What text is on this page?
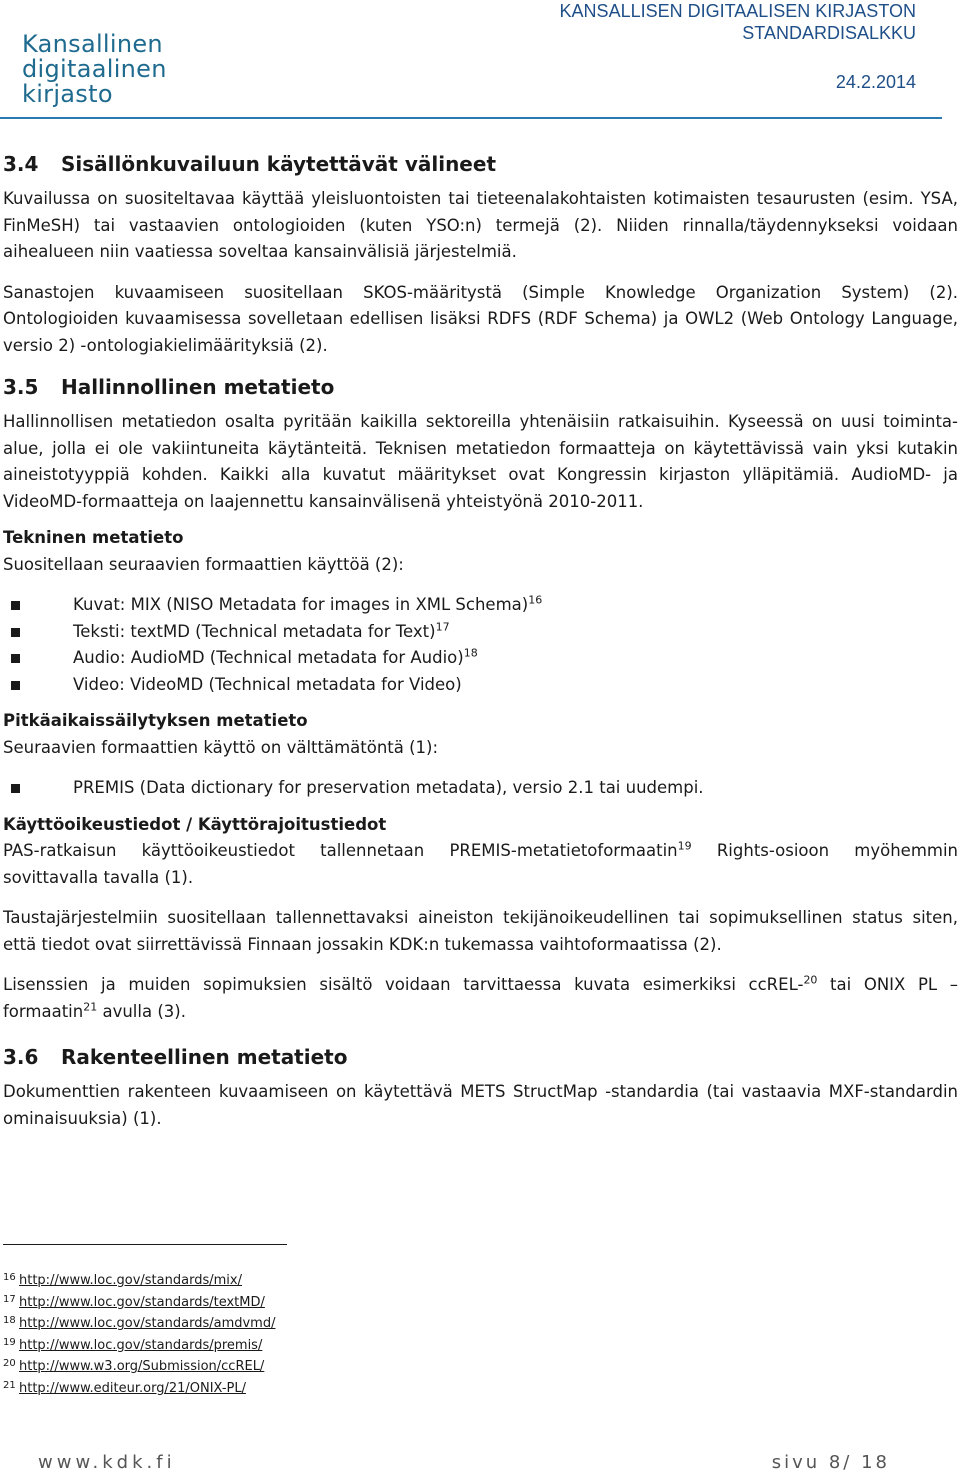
Kansallinen
digitaalinen
kirjasto
KANSALLISEN DIGITAALISEN KIRJASTON
STANDARDISALKKU
24.2.2014
3.4 Sisällönkuvailuun käytettävät välineet

Kuvailussa on suositeltavaa käyttää yleisluontoisten tai tieteenalakohtaisten kotimaisten tesaurusten (esim. YSA, FinMeSH) tai vastaavien ontologioiden (kuten YSO:n) termejä (2). Niiden rinnalla/täydennykseksi voidaan aihealueen niin vaatiessa soveltaa kansainvälisiä järjestelmiä.

Sanastojen kuvaamiseen suositellaan SKOS-määritystä (Simple Knowledge Organization System) (2). Ontologioiden kuvaamisessa sovelletaan edellisen lisäksi RDFS (RDF Schema) ja OWL2 (Web Ontology Language, versio 2) -ontologiakielimäärityksiä (2).

3.5 Hallinnollinen metatieto

Hallinnollisen metatiedon osalta pyritään kaikilla sektoreilla yhtenäisiin ratkaisuihin. Kyseessä on uusi toiminta-alue, jolla ei ole vakiintuneita käytänteitä. Teknisen metatiedon formaatteja on käytettävissä vain yksi kutakin aineistotyyppiä kohden. Kaikki alla kuvatut määritykset ovat Kongressin kirjaston ylläpitämiä. AudioMD- ja VideoMD-formaatteja on laajennettu kansainvälisenä yhteistyönä 2010-2011.

Tekninen metatieto

Suositellaan seuraavien formaattien käyttöä (2):

Kuvat: MIX (NISO Metadata for images in XML Schema)$^{16}$
Teksti: textMD (Technical metadata for Text)$^{17}$
Audio: AudioMD (Technical metadata for Audio)$^{18}$
Video: VideoMD (Technical metadata for Video)

Pitkäaikaissäilytyksen metatieto

Seuraavien formaattien käyttö on välttämätöntä (1):

PREMIS (Data dictionary for preservation metadata), versio 2.1 tai uudempi.

Käyttöoikeustiedot / Käyttörajoitustiedot

PAS-ratkaisun käyttöoikeustiedot tallennetaan PREMIS-metatietoformaatin$^{19}$ Rights-osioon myöhemmin sovittavalla tavalla (1).

Taustajärjestelmiin suositellaan tallennettavaksi aineiston tekijänoikeudellinen tai sopimuksellinen status siten, että tiedot ovat siirrettävissä Finnaan jossakin KDK:n tukemassa vaihtoformaatissa (2).

Lisenssien ja muiden sopimuksien sisältö voidaan tarvittaessa kuvata esimerkiksi ccREL-$^{20}$ tai ONIX PL – formaatin$^{21}$ avulla (3).

3.6 Rakenteellinen metatieto

Dokumenttien rakenteen kuvaamiseen on käytettävä METS StructMap -standardia (tai vastaavia MXF-standardin ominaisuuksia) (1).

16 http://www.loc.gov/standards/mix/
17 http://www.loc.gov/standards/textMD/
18 http://www.loc.gov/standards/amdvmd/
19 http://www.loc.gov/standards/premis/
20 http://www.w3.org/Submission/ccREL/
21 http://www.editeur.org/21/ONIX-PL/
www.kdk.fi	sivu 8/ 18
